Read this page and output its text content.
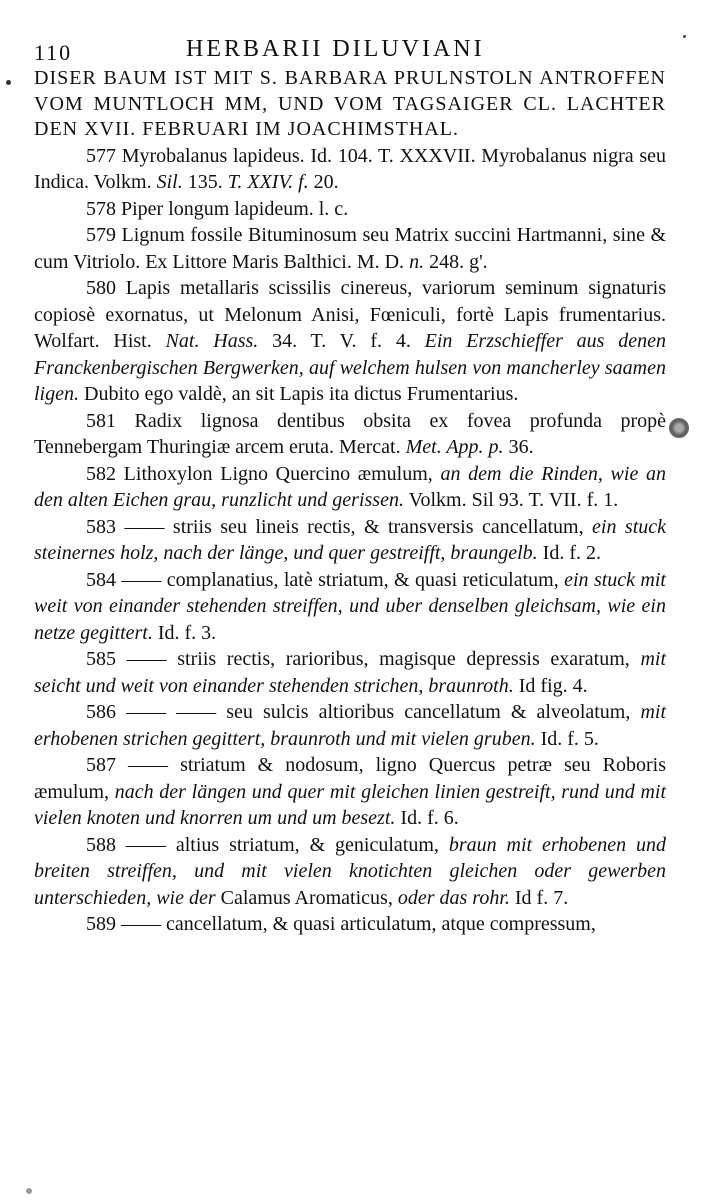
110	HERBARII DILUVIANI
DISER BAUM IST MIT S. BARBARA PRULNSTOLN ANTROFFEN VOM MUNTLOCH MM, UND VOM TAGSAIGER CL. LACHTER DEN XVII. FEBRUARI IM JOACHIMSTHAL.

577 Myrobalanus lapideus. Id. 104. T. XXXVII. Myrobalanus nigra seu Indica. Volkm. Sil. 135. T. XXIV. f. 20.

578 Piper longum lapideum. l. c.

579 Lignum fossile Bituminosum seu Matrix succini Hartmanni, sine & cum Vitriolo. Ex Littore Maris Balthici. M. D. n. 248. g'.

580 Lapis metallaris scissilis cinereus, variorum seminum signaturis copiosè exornatus, ut Melonum Anisi, Fœniculi, fortè Lapis frumentarius. Wolfart. Hist. Nat. Hass. 34. T. V. f. 4. Ein Erzschieffer aus denen Franckenbergischen Bergwerken, auf welchem hulsen von mancherley saamen ligen. Dubito ego valdè, an sit Lapis ita dictus Frumentarius.

581 Radix lignosa dentibus obsita ex fovea profunda propè Tennebergam Thuringiæ arcem eruta. Mercat. Met. App. p. 36.

582 Lithoxylon Ligno Quercino æmulum, an dem die Rinden, wie an den alten Eichen grau, runzlicht und gerissen. Volkm. Sil 93. T. VII. f. 1.

583 —— striis seu lineis rectis, & transversis cancellatum, ein stuck steinernes holz, nach der länge, und quer gestreifft, braungelb. Id. f. 2.

584 —— complanatius, latè striatum, & quasi reticulatum, ein stuck mit weit von einander stehenden streiffen, und uber denselben gleichsam, wie ein netze gegittert. Id. f. 3.

585 —— striis rectis, rarioribus, magisque depressis exaratum, mit seicht und weit von einander stehenden strichen, braunroth. Id fig. 4.

586 —— —— seu sulcis altioribus cancellatum & alveolatum, mit erhobenen strichen gegittert, braunroth und mit vielen gruben. Id. f. 5.

587 —— striatum & nodosum, ligno Quercus petræ seu Roboris æmulum, nach der längen und quer mit gleichen linien gestreift, rund und mit vielen knoten und knorren um und um besezt. Id. f. 6.

588 —— altius striatum, & geniculatum, braun mit erhobenen und breiten streiffen, und mit vielen knotichten gleichen oder gewerben unterschieden, wie der Calamus Aromaticus, oder das rohr. Id f. 7.

589 —— cancellatum, & quasi articulatum, atque compressum,
